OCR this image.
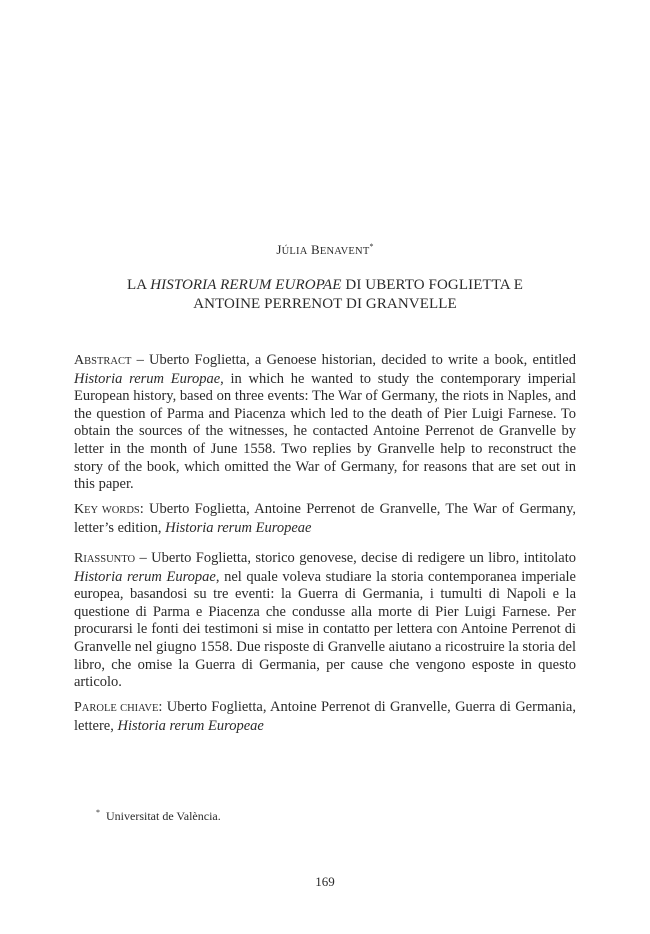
JÚLIA BENAVENT*
LA HISTORIA RERUM EUROPAE DI UBERTO FOGLIETTA E
ANTOINE PERRENOT DI GRANVELLE
ABSTRACT – Uberto Foglietta, a Genoese historian, decided to write a book, entitled Historia rerum Europae, in which he wanted to study the contemporary imperial European history, based on three events: The War of Germany, the riots in Naples, and the question of Parma and Piacenza which led to the death of Pier Luigi Farnese. To obtain the sources of the witnesses, he contacted Antoine Perrenot de Granvelle by letter in the month of June 1558. Two replies by Granvelle help to reconstruct the story of the book, which omitted the War of Germany, for reasons that are set out in this paper.
KEY WORDS: Uberto Foglietta, Antoine Perrenot de Granvelle, The War of Germany, letter’s edition, Historia rerum Europeae
RIASSUNTO – Uberto Foglietta, storico genovese, decise di redigere un libro, intitolato Historia rerum Europae, nel quale voleva studiare la storia contemporanea imperiale europea, basandosi su tre eventi: la Guerra di Germania, i tumulti di Napoli e la questione di Parma e Piacenza che condusse alla morte di Pier Luigi Farnese. Per procurarsi le fonti dei testimoni si mise in contatto per lettera con Antoine Perrenot di Granvelle nel giugno 1558. Due risposte di Granvelle aiutano a ricostruire la storia del libro, che omise la Guerra di Germania, per cause che vengono esposte in questo articolo.
PAROLE CHIAVE: Uberto Foglietta, Antoine Perrenot di Granvelle, Guerra di Germania, lettere, Historia rerum Europeae
* Universitat de València.
169
